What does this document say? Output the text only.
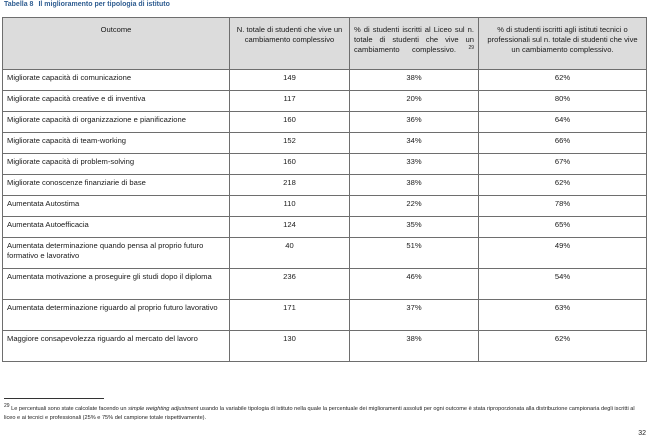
Tabella 8 Il miglioramento per tipologia di istituto
Outcome	N. totale di studenti che vive un cambiamento complessivo	% di studenti iscritti al Liceo sul n. totale di studenti che vive un cambiamento complessivo. $^{29}$	% di studenti iscritti agli istituti tecnici o professionali sul n. totale di studenti che vive un cambiamento complessivo.
Migliorate capacità di comunicazione	149	38%	62%
Migliorate capacità creative e di inventiva	117	20%	80%
Migliorate capacità di organizzazione e pianificazione	160	36%	64%
Migliorate capacità di team-working	152	34%	66%
Migliorate capacità di problem-solving	160	33%	67%
Migliorate conoscenze finanziarie di base	218	38%	62%
Aumentata Autostima	110	22%	78%
Aumentata Autoefficacia	124	35%	65%
Aumentata determinazione quando pensa al proprio futuro formativo e lavorativo	40	51%	49%
Aumentata motivazione a proseguire gli studi dopo il diploma	236	46%	54%
Aumentata determinazione riguardo al proprio futuro lavorativo	171	37%	63%
Maggiore consapevolezza riguardo al mercato del lavoro	130	38%	62%
$^{29}$ Le percentuali sono state calcolate facendo un simple weighting adjustment usando la variabile tipologia di istituto nella quale la percentuale dei miglioramenti assoluti per ogni outcome è stata riproporzionata alla distribuzione campionaria degli iscritti al liceo e ai tecnici e professionali (25% e 75% del campione totale rispettivamente).
32
